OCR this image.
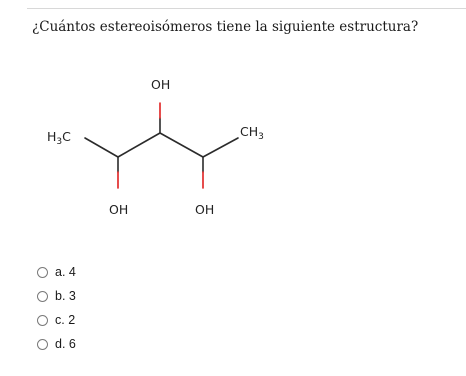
¿Cuántos estereoisómeros tiene la siguiente estructura?
OH
OH	OH
H3C	CH3
a. 4
b. 3
c. 2
d. 6
